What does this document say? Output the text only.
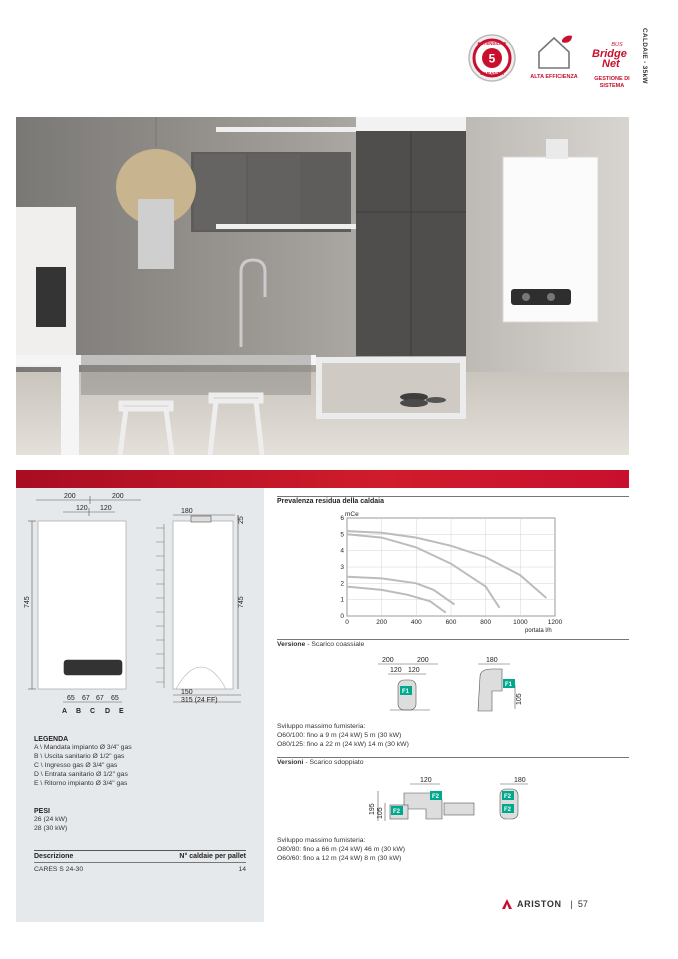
CALDAIE - 35kW
5
ESTENSIONE
GARANZIA
ALTA EFFICIENZA
BUS
Bridge
Net
GESTIONE DI SISTEMA
200	200
120 120
745
65 67 67 65
A B C D E
180
25
745
150
315 (24 FF)
LEGENDA
A \ Mandata impianto Ø 3/4" gas
B \ Uscita sanitario Ø 1/2" gas
C \ Ingresso gas Ø 3/4" gas
D \ Entrata sanitario Ø 1/2" gas
E \ Ritorno impianto Ø 3/4" gas
PESI
26 (24 kW)
28 (30 kW)
Descrizione	N° caldaie per pallet
CARES S 24-30	14
Prevalenza residua della caldaia
0	200	400	600	800	1000	1200
0
1
2
3
4
5
6
mCe
portata l/h
Versione - Scarico coassiale
200	200
120 120
180
105
F1
F1
Sviluppo massimo fumisteria:
O60/100: fino a 9 m (24 kW) 5 m (30 kW)
O80/125: fino a 22 m (24 kW) 14 m (30 kW)
Versioni - Scarico sdoppiato
120	180
195 105
F2
F2
F2
F2
Sviluppo massimo fumisteria:
O80/80: fino a 66 m (24 kW) 46 m (30 kW)
O60/60: fino a 12 m (24 kW) 8 m (30 kW)
ARISTON | 57
